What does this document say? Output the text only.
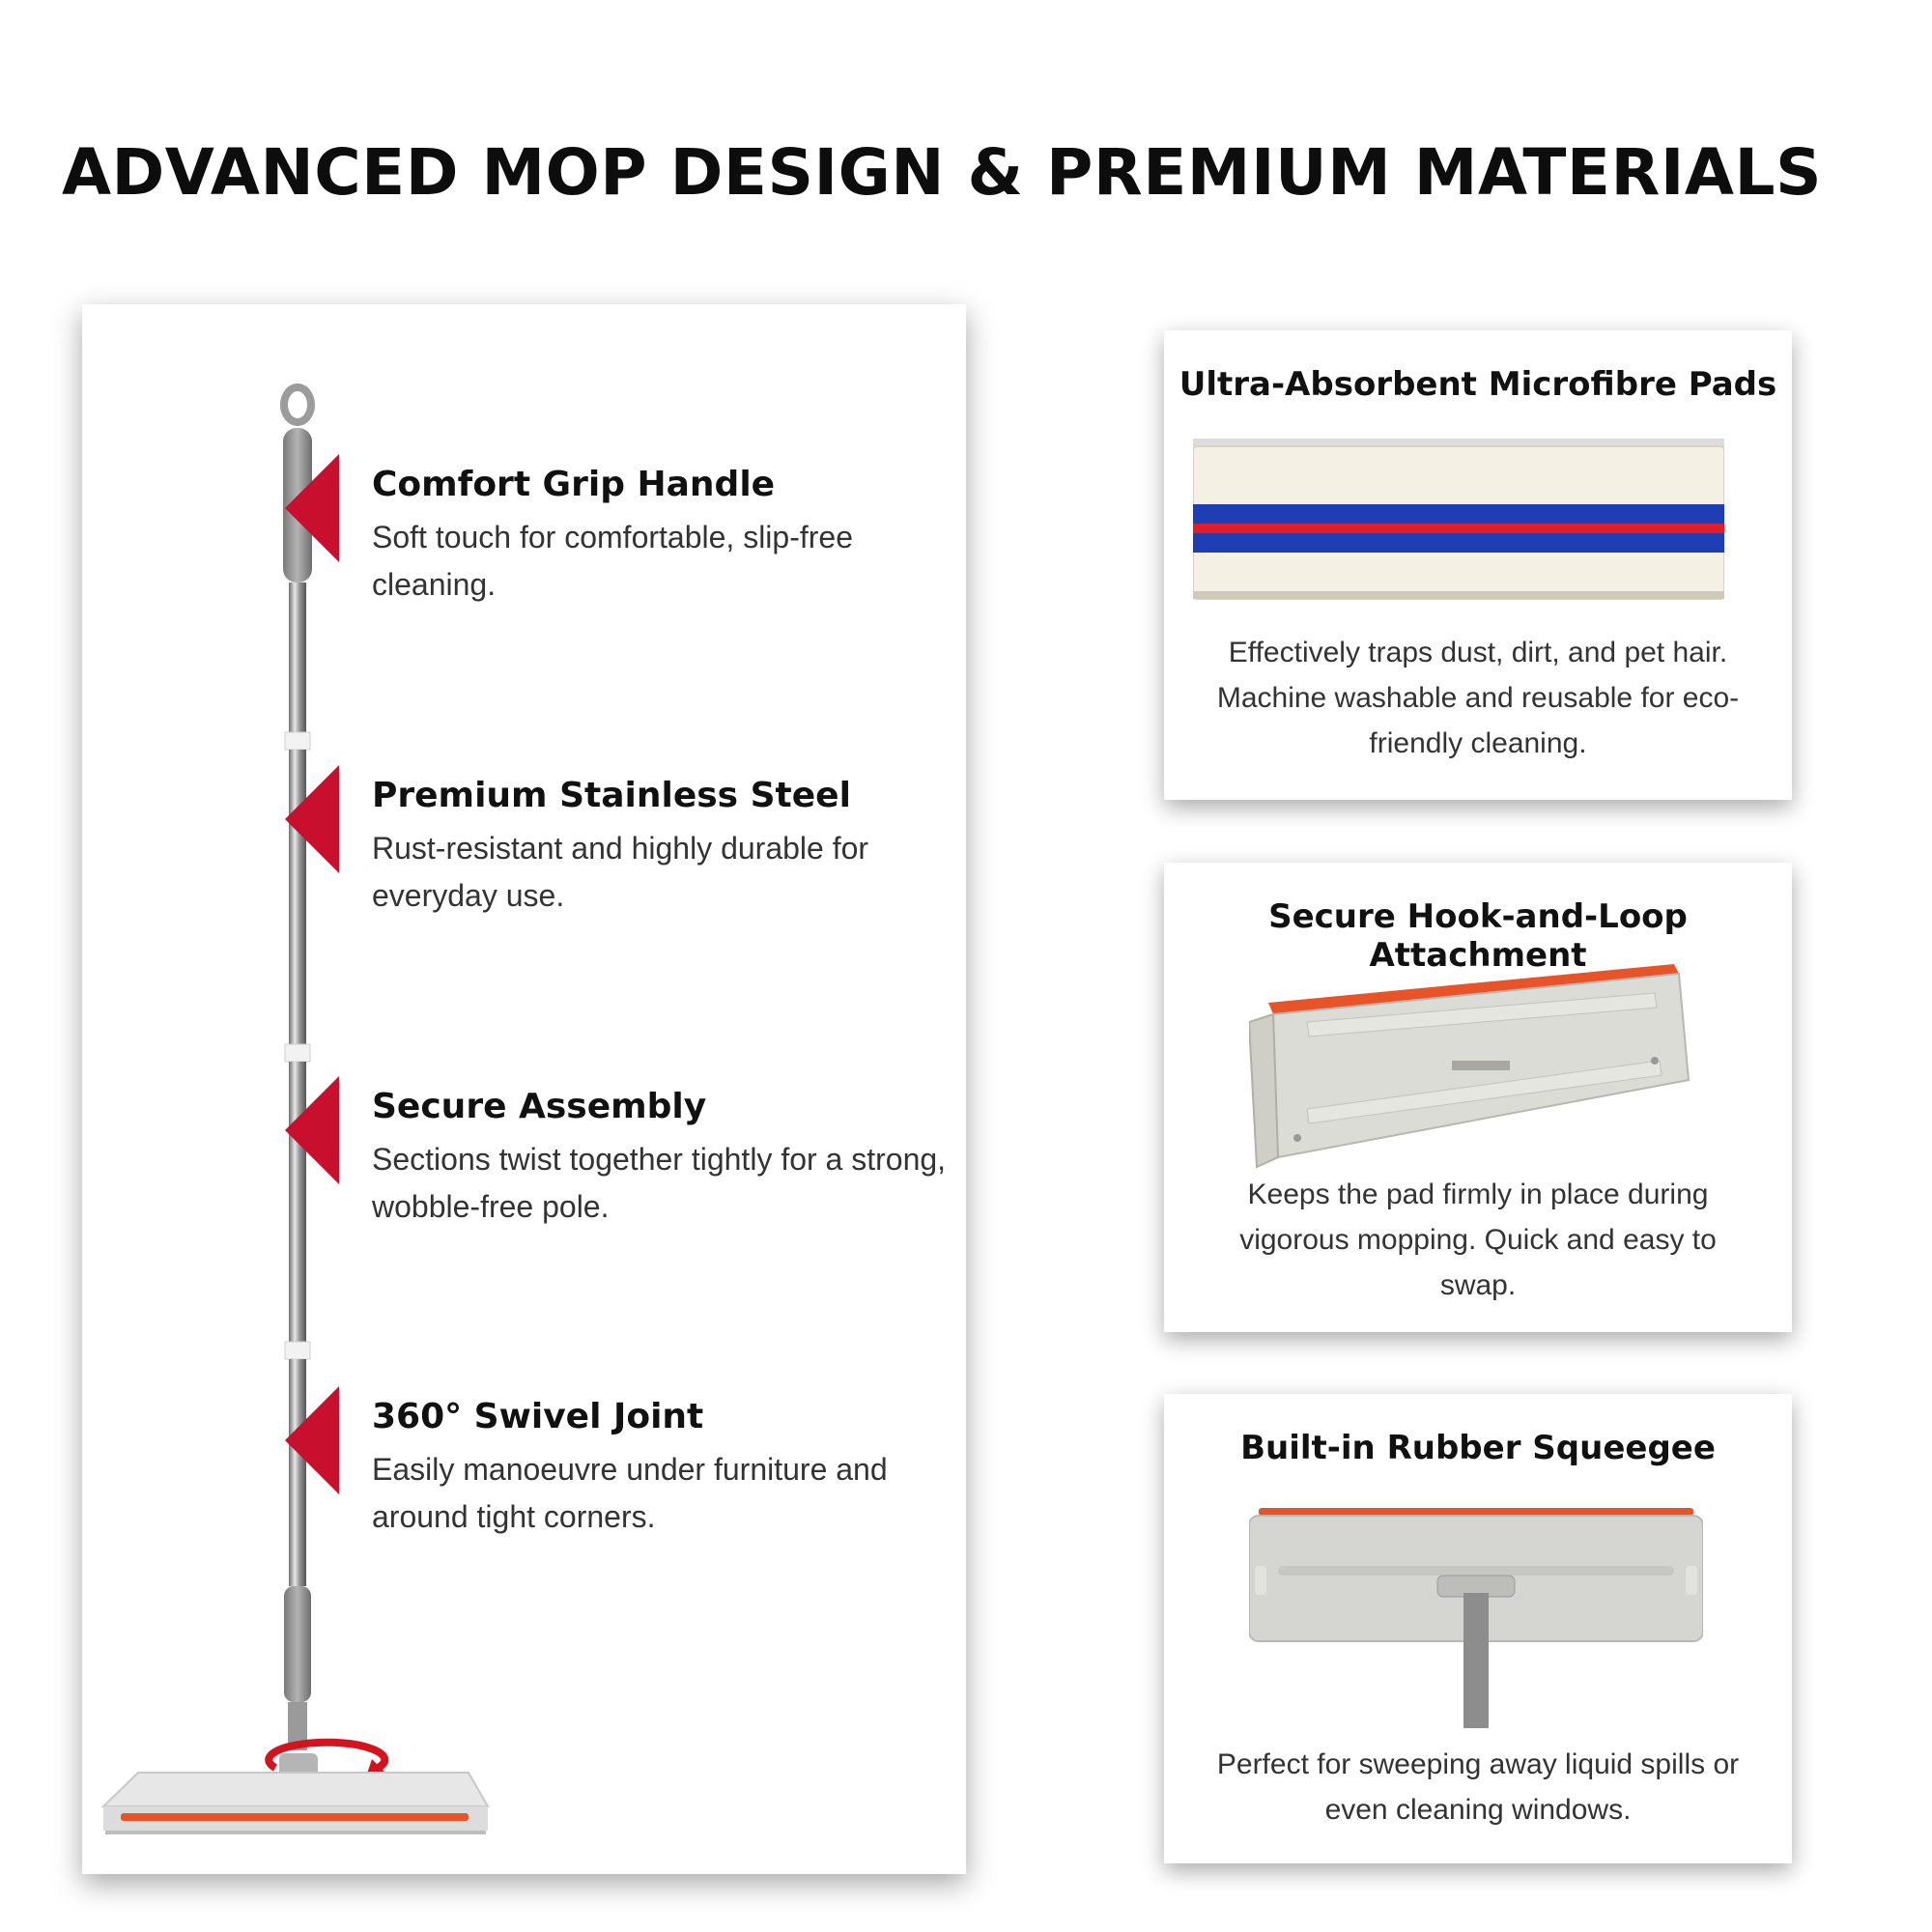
ADVANCED MOP DESIGN & PREMIUM MATERIALS
Comfort Grip Handle
Soft touch for comfortable, slip-free cleaning.
Premium Stainless Steel
Rust-resistant and highly durable for everyday use.
Secure Assembly
Sections twist together tightly for a strong, wobble-free pole.
360° Swivel Joint
Easily manoeuvre under furniture and around tight corners.
Ultra-Absorbent Microfibre Pads
Effectively traps dust, dirt, and pet hair. Machine washable and reusable for eco-friendly cleaning.
Secure Hook-and-Loop Attachment
Keeps the pad firmly in place during vigorous mopping. Quick and easy to swap.
Built-in Rubber Squeegee
Perfect for sweeping away liquid spills or even cleaning windows.
